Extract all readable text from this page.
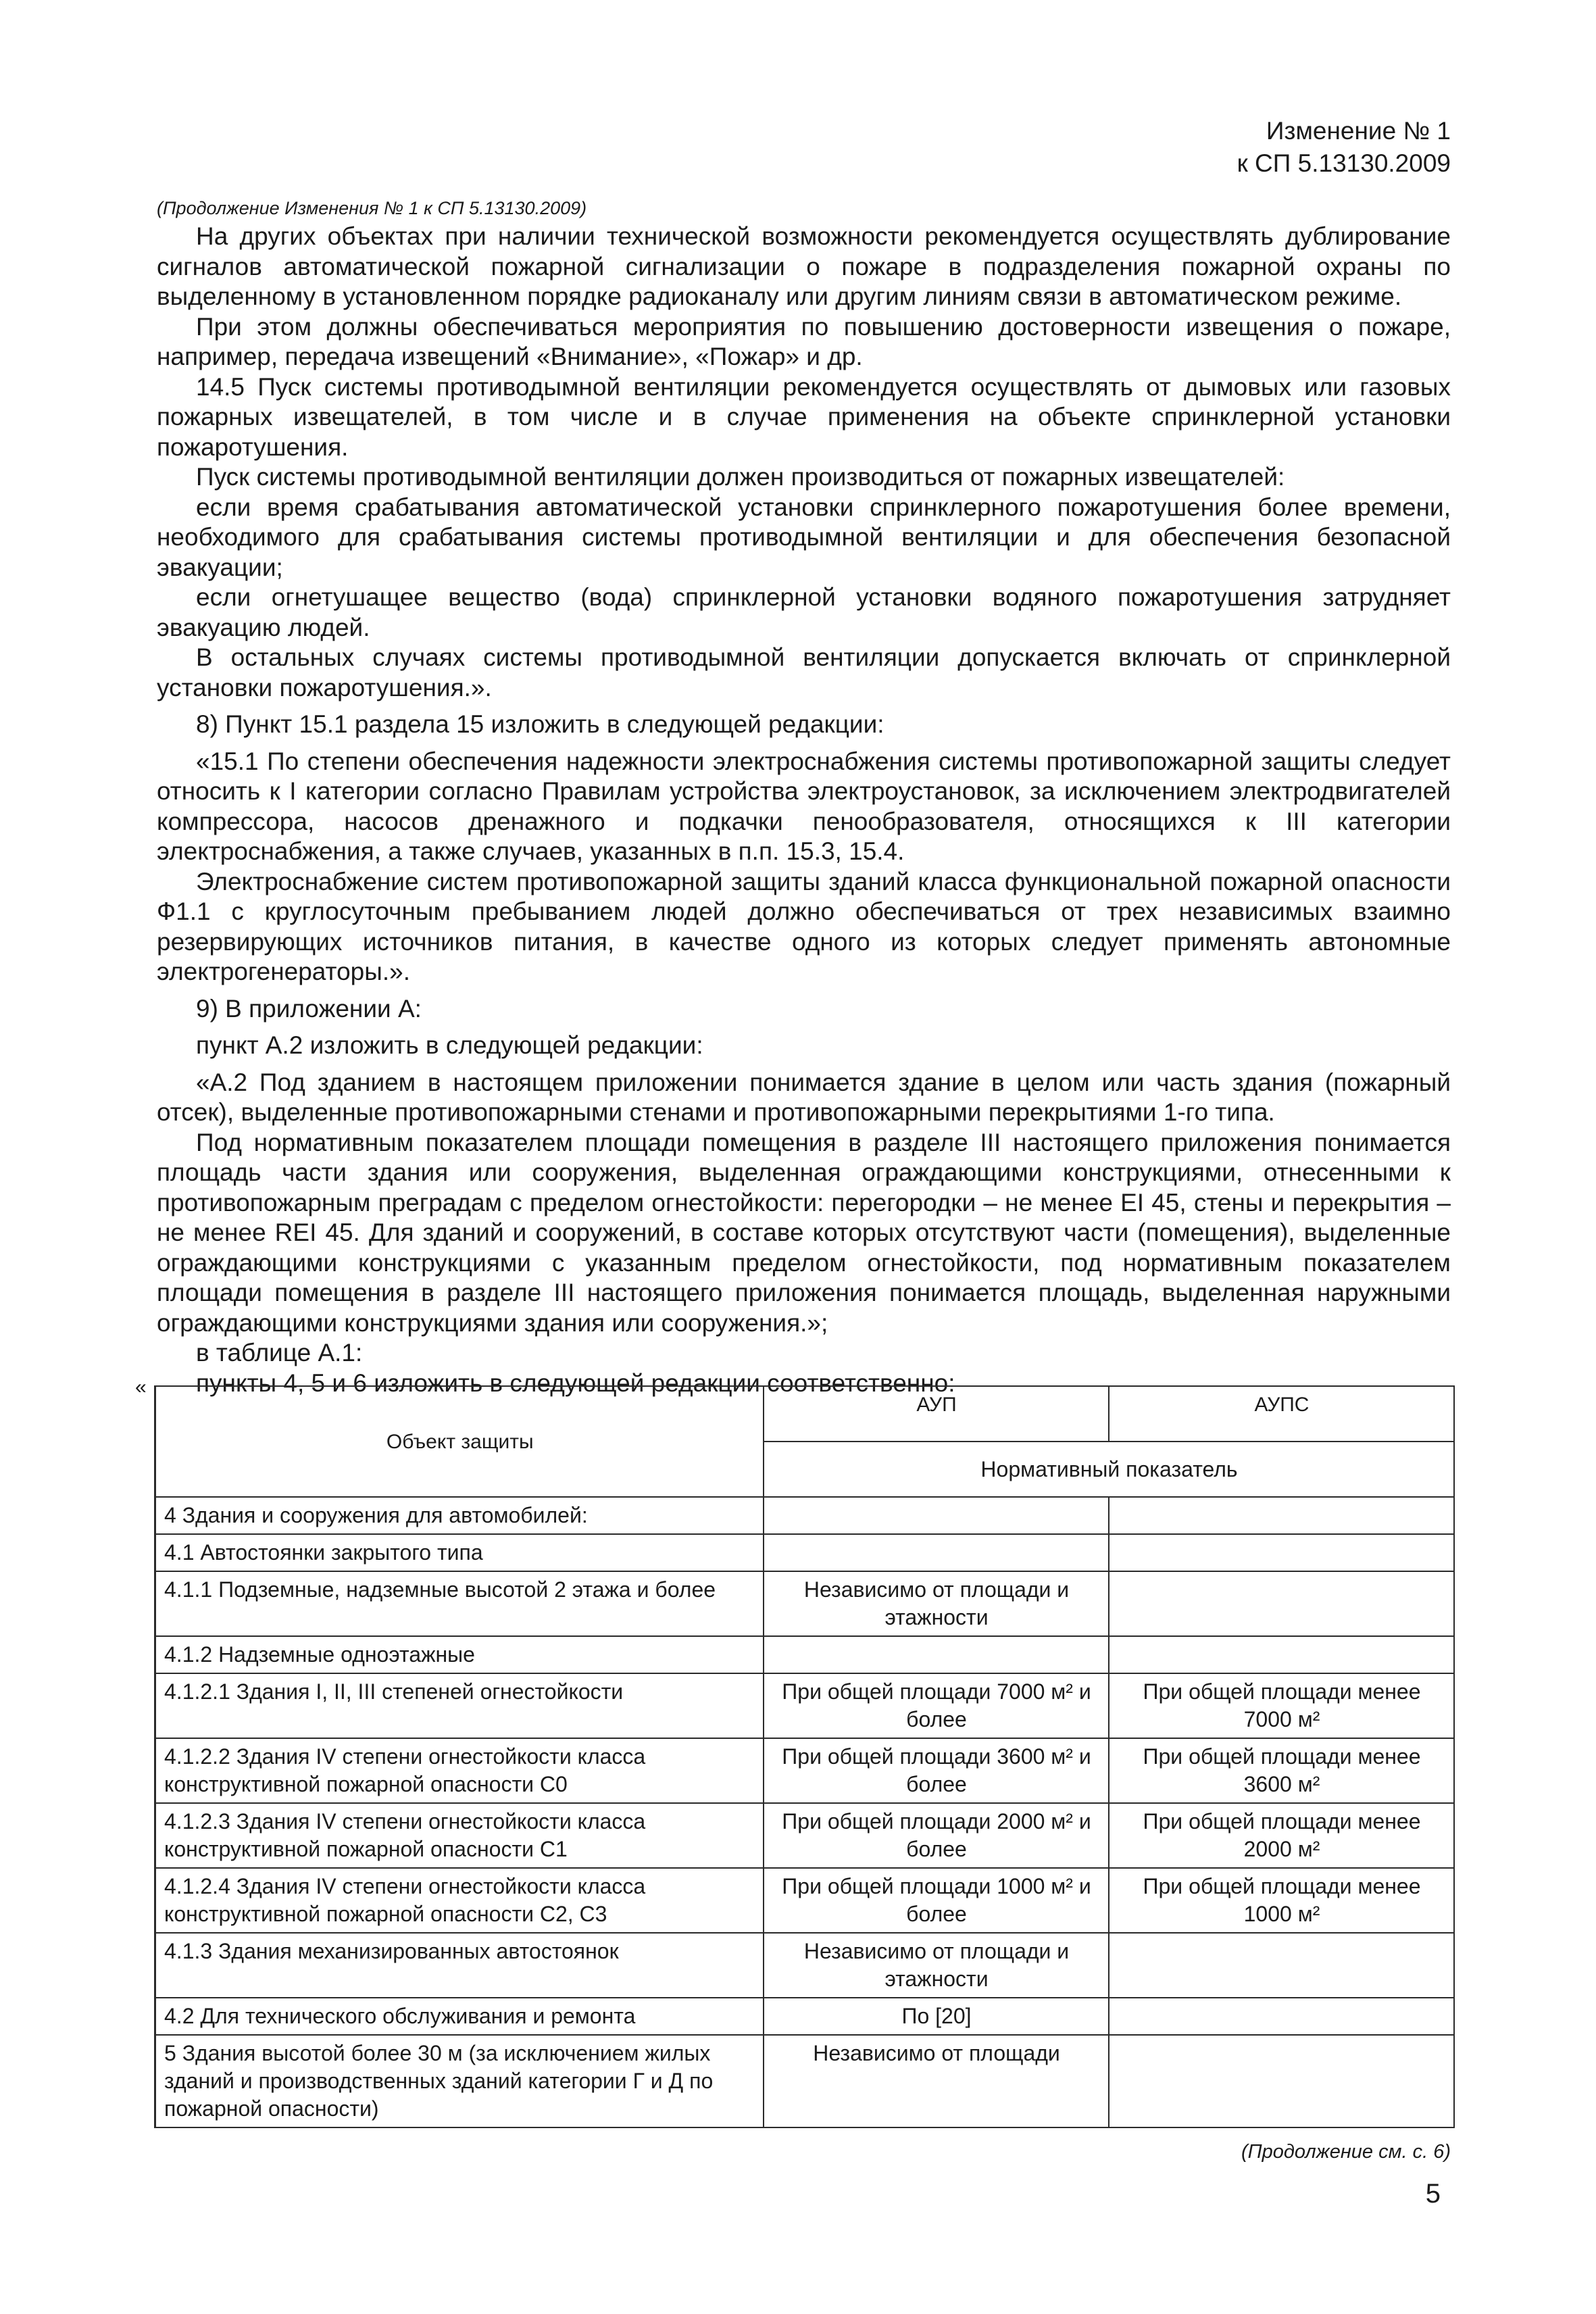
Изменение № 1
к СП 5.13130.2009
(Продолжение Изменения № 1 к СП 5.13130.2009)

На других объектах при наличии технической возможности рекомендуется осуществлять дублирование сигналов автоматической пожарной сигнализации о пожаре в подразделения пожарной охраны по выделенному в установленном порядке радиоканалу или другим линиям связи в автоматическом режиме.

При этом должны обеспечиваться мероприятия по повышению достоверности извещения о пожаре, например, передача извещений «Внимание», «Пожар» и др.

14.5 Пуск системы противодымной вентиляции рекомендуется осуществлять от дымовых или газовых пожарных извещателей, в том числе и в случае применения на объекте спринклерной установки пожаротушения.

Пуск системы противодымной вентиляции должен производиться от пожарных извещателей:

если время срабатывания автоматической установки спринклерного пожаротушения более времени, необходимого для срабатывания системы противодымной вентиляции и для обеспечения безопасной эвакуации;

если огнетушащее вещество (вода) спринклерной установки водяного пожаротушения затрудняет эвакуацию людей.

В остальных случаях системы противодымной вентиляции допускается включать от спринклерной установки пожаротушения.».

8) Пункт 15.1 раздела 15 изложить в следующей редакции:

«15.1 По степени обеспечения надежности электроснабжения системы противопожарной защиты следует относить к I категории согласно Правилам устройства электроустановок, за исключением электродвигателей компрессора, насосов дренажного и подкачки пенообразователя, относящихся к III категории электроснабжения, а также случаев, указанных в п.п. 15.3, 15.4.

Электроснабжение систем противопожарной защиты зданий класса функциональной пожарной опасности Ф1.1 с круглосуточным пребыванием людей должно обеспечиваться от трех независимых взаимно резервирующих источников питания, в качестве одного из которых следует применять автономные электрогенераторы.».

9) В приложении А:

пункт А.2 изложить в следующей редакции:

«А.2 Под зданием в настоящем приложении понимается здание в целом или часть здания (пожарный отсек), выделенные противопожарными стенами и противопожарными перекрытиями 1-го типа.

Под нормативным показателем площади помещения в разделе III настоящего приложения понимается площадь части здания или сооружения, выделенная ограждающими конструкциями, отнесенными к противопожарным преградам с пределом огнестойкости: перегородки – не менее EI 45, стены и перекрытия – не менее REI 45. Для зданий и сооружений, в составе которых отсутствуют части (помещения), выделенные ограждающими конструкциями с указанным пределом огнестойкости, под нормативным показателем площади помещения в разделе III настоящего приложения понимается площадь, выделенная наружными ограждающими конструкциями здания или сооружения.»;

в таблице А.1:

пункты 4, 5 и 6 изложить в следующей редакции соответственно:

«
Объект защиты	АУП	АУПС
	Нормативный показатель	
4 Здания и сооружения для автомобилей:		
4.1 Автостоянки закрытого типа		
4.1.1 Подземные, надземные высотой 2 этажа и более	Независимо от площади и этажности	
4.1.2 Надземные одноэтажные		
4.1.2.1 Здания I, II, III степеней огнестойкости	При общей площади 7000 м² и более	При общей площади менее 7000 м²
4.1.2.2 Здания IV степени огнестойкости класса конструктивной пожарной опасности С0	При общей площади 3600 м² и более	При общей площади менее 3600 м²
4.1.2.3 Здания IV степени огнестойкости класса конструктивной пожарной опасности С1	При общей площади 2000 м² и более	При общей площади менее 2000 м²
4.1.2.4 Здания IV степени огнестойкости класса конструктивной пожарной опасности С2, С3	При общей площади 1000 м² и более	При общей площади менее 1000 м²
4.1.3 Здания механизированных автостоянок	Независимо от площади и этажности	
4.2 Для технического обслуживания и ремонта	По [20]	
5 Здания высотой более 30 м (за исключением жилых зданий и производственных зданий категории Г и Д по пожарной опасности)	Независимо от площади	
(Продолжение см. с. 6)
5
